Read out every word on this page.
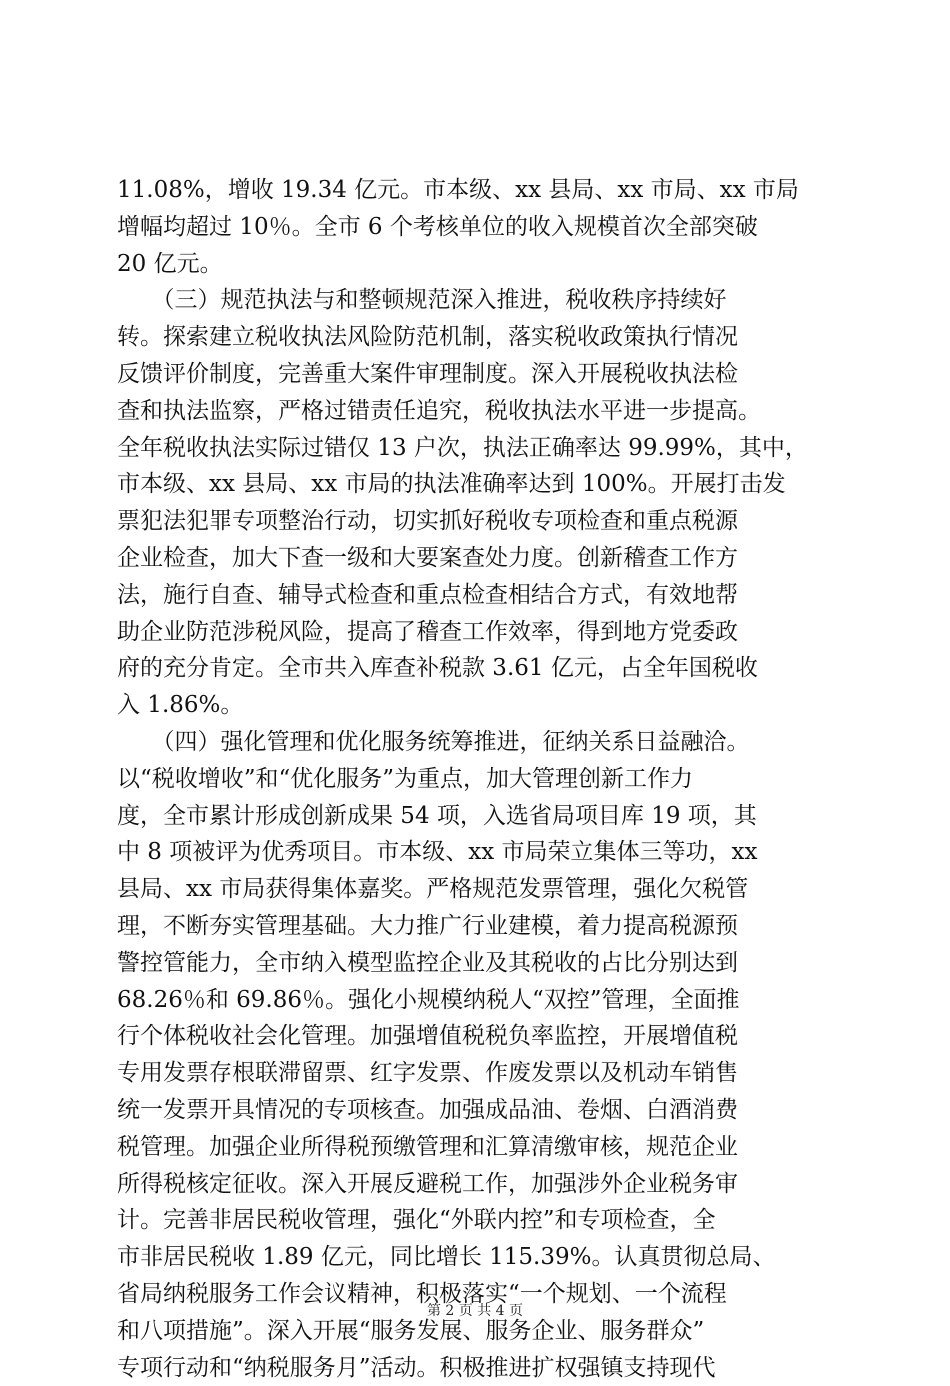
11.08%，增收 19.34 亿元。市本级、xx 县局、xx 市局、xx 市局
增幅均超过 10％。全市 6 个考核单位的收入规模首次全部突破
20 亿元。
　　（三）规范执法与和整顿规范深入推进，税收秩序持续好
转。探索建立税收执法风险防范机制，落实税收政策执行情况
反馈评价制度，完善重大案件审理制度。深入开展税收执法检
查和执法监察，严格过错责任追究，税收执法水平进一步提高。
全年税收执法实际过错仅 13 户次，执法正确率达 99.99%，其中，
市本级、xx 县局、xx 市局的执法准确率达到 100%。开展打击发
票犯法犯罪专项整治行动，切实抓好税收专项检查和重点税源
企业检查，加大下查一级和大要案查处力度。创新稽查工作方
法，施行自查、辅导式检查和重点检查相结合方式，有效地帮
助企业防范涉税风险，提高了稽查工作效率，得到地方党委政
府的充分肯定。全市共入库查补税款 3.61 亿元，占全年国税收
入 1.86%。
　　（四）强化管理和优化服务统筹推进，征纳关系日益融洽。
以“税收增收”和“优化服务”为重点，加大管理创新工作力
度，全市累计形成创新成果 54 项，入选省局项目库 19 项，其
中 8 项被评为优秀项目。市本级、xx 市局荣立集体三等功，xx
县局、xx 市局获得集体嘉奖。严格规范发票管理，强化欠税管
理，不断夯实管理基础。大力推广行业建模，着力提高税源预
警控管能力，全市纳入模型监控企业及其税收的占比分别达到
68.26％和 69.86％。强化小规模纳税人“双控”管理，全面推
行个体税收社会化管理。加强增值税税负率监控，开展增值税
专用发票存根联滞留票、红字发票、作废发票以及机动车销售
统一发票开具情况的专项核查。加强成品油、卷烟、白酒消费
税管理。加强企业所得税预缴管理和汇算清缴审核，规范企业
所得税核定征收。深入开展反避税工作，加强涉外企业税务审
计。完善非居民税收管理，强化“外联内控”和专项检查，全
市非居民税收 1.89 亿元，同比增长 115.39%。认真贯彻总局、
省局纳税服务工作会议精神，积极落实“一个规划、一个流程
和八项措施”。深入开展“服务发展、服务企业、服务群众”
专项行动和“纳税服务月”活动。积极推进扩权强镇支持现代
第 2 页 共 4 页
